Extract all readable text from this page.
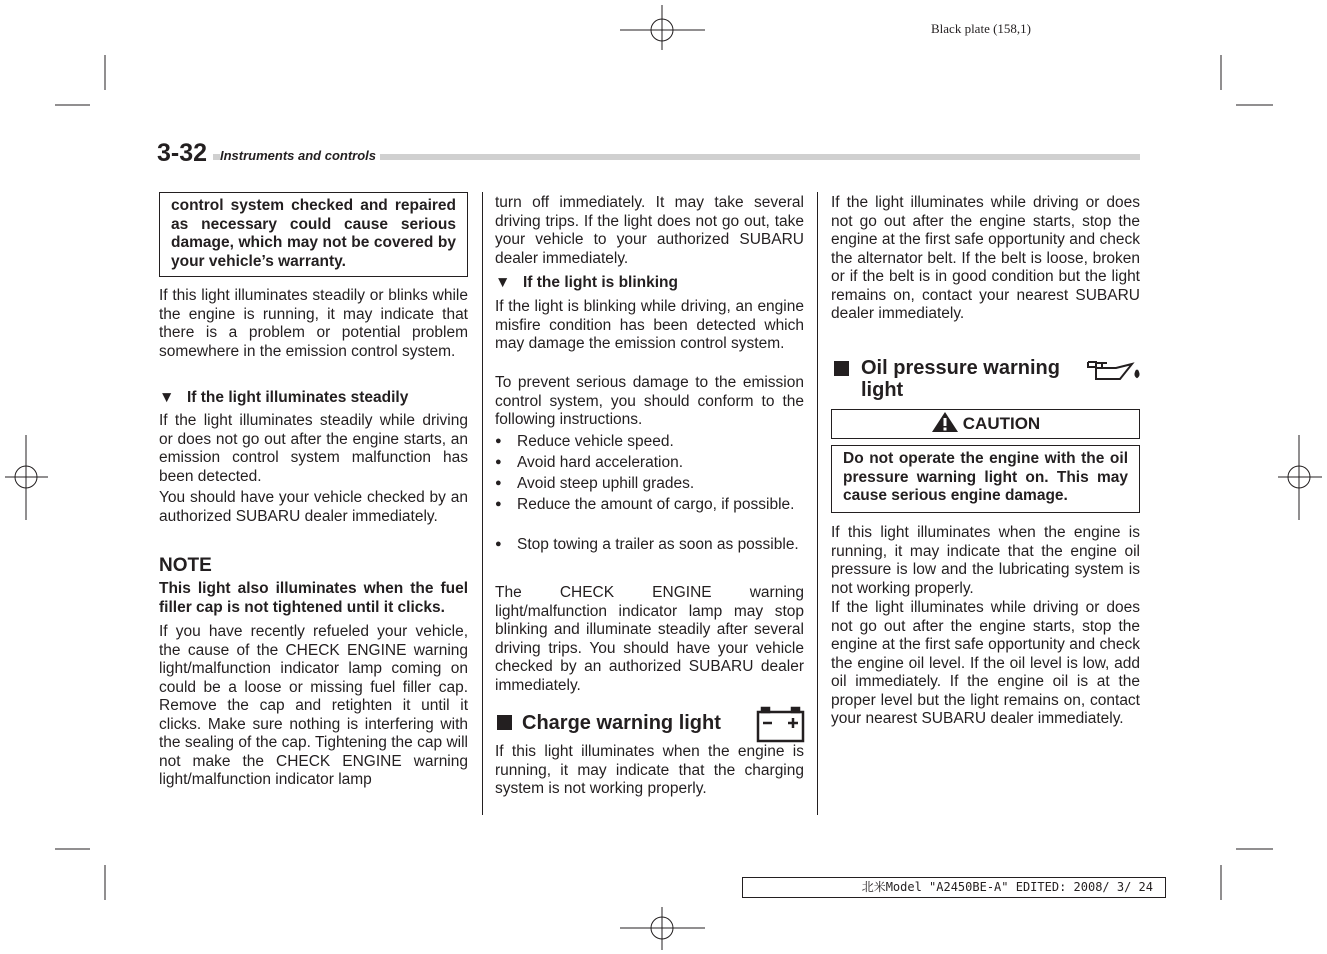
Black plate (158,1)
3-32 Instruments and controls
control system checked and repaired as necessary could cause serious damage, which may not be covered by your vehicle’s warranty.

If this light illuminates steadily or blinks while the engine is running, it may indicate that there is a problem or potential problem somewhere in the emission control system.

▼ If the light illuminates steadily

If the light illuminates steadily while driving or does not go out after the engine starts, an emission control system malfunction has been detected.

You should have your vehicle checked by an authorized SUBARU dealer immediately.

NOTE

This light also illuminates when the fuel filler cap is not tightened until it clicks.

If you have recently refueled your vehicle, the cause of the CHECK ENGINE warning light/malfunction indicator lamp coming on could be a loose or missing fuel filler cap. Remove the cap and retighten it until it clicks. Make sure nothing is interfering with the sealing of the cap. Tightening the cap will not make the CHECK ENGINE warning light/malfunction indicator lamp

turn off immediately. It may take several driving trips. If the light does not go out, take your vehicle to your authorized SUBARU dealer immediately.

▼ If the light is blinking

If the light is blinking while driving, an engine misfire condition has been detected which may damage the emission control system.

To prevent serious damage to the emission control system, you should conform to the following instructions.

● Reduce vehicle speed.
● Avoid hard acceleration.
● Avoid steep uphill grades.
● Reduce the amount of cargo, if possible.
● Stop towing a trailer as soon as possible.

The CHECK ENGINE warning light/malfunction indicator lamp may stop blinking and illuminate steadily after several driving trips. You should have your vehicle checked by an authorized SUBARU dealer immediately.

Charge warning light

If this light illuminates when the engine is running, it may indicate that the charging system is not working properly.

If the light illuminates while driving or does not go out after the engine starts, stop the engine at the first safe opportunity and check the alternator belt. If the belt is loose, broken or if the belt is in good condition but the light remains on, contact your nearest SUBARU dealer immediately.

Oil pressure warning light
CAUTION
Do not operate the engine with the oil pressure warning light on. This may cause serious engine damage.

If this light illuminates when the engine is running, it may indicate that the engine oil pressure is low and the lubricating system is not working properly.

If the light illuminates while driving or does not go out after the engine starts, stop the engine at the first safe opportunity and check the engine oil level. If the oil level is low, add oil immediately. If the engine oil is at the proper level but the light remains on, contact your nearest SUBARU dealer immediately.

北米Model "A2450BE-A" EDITED: 2008/ 3/ 24
